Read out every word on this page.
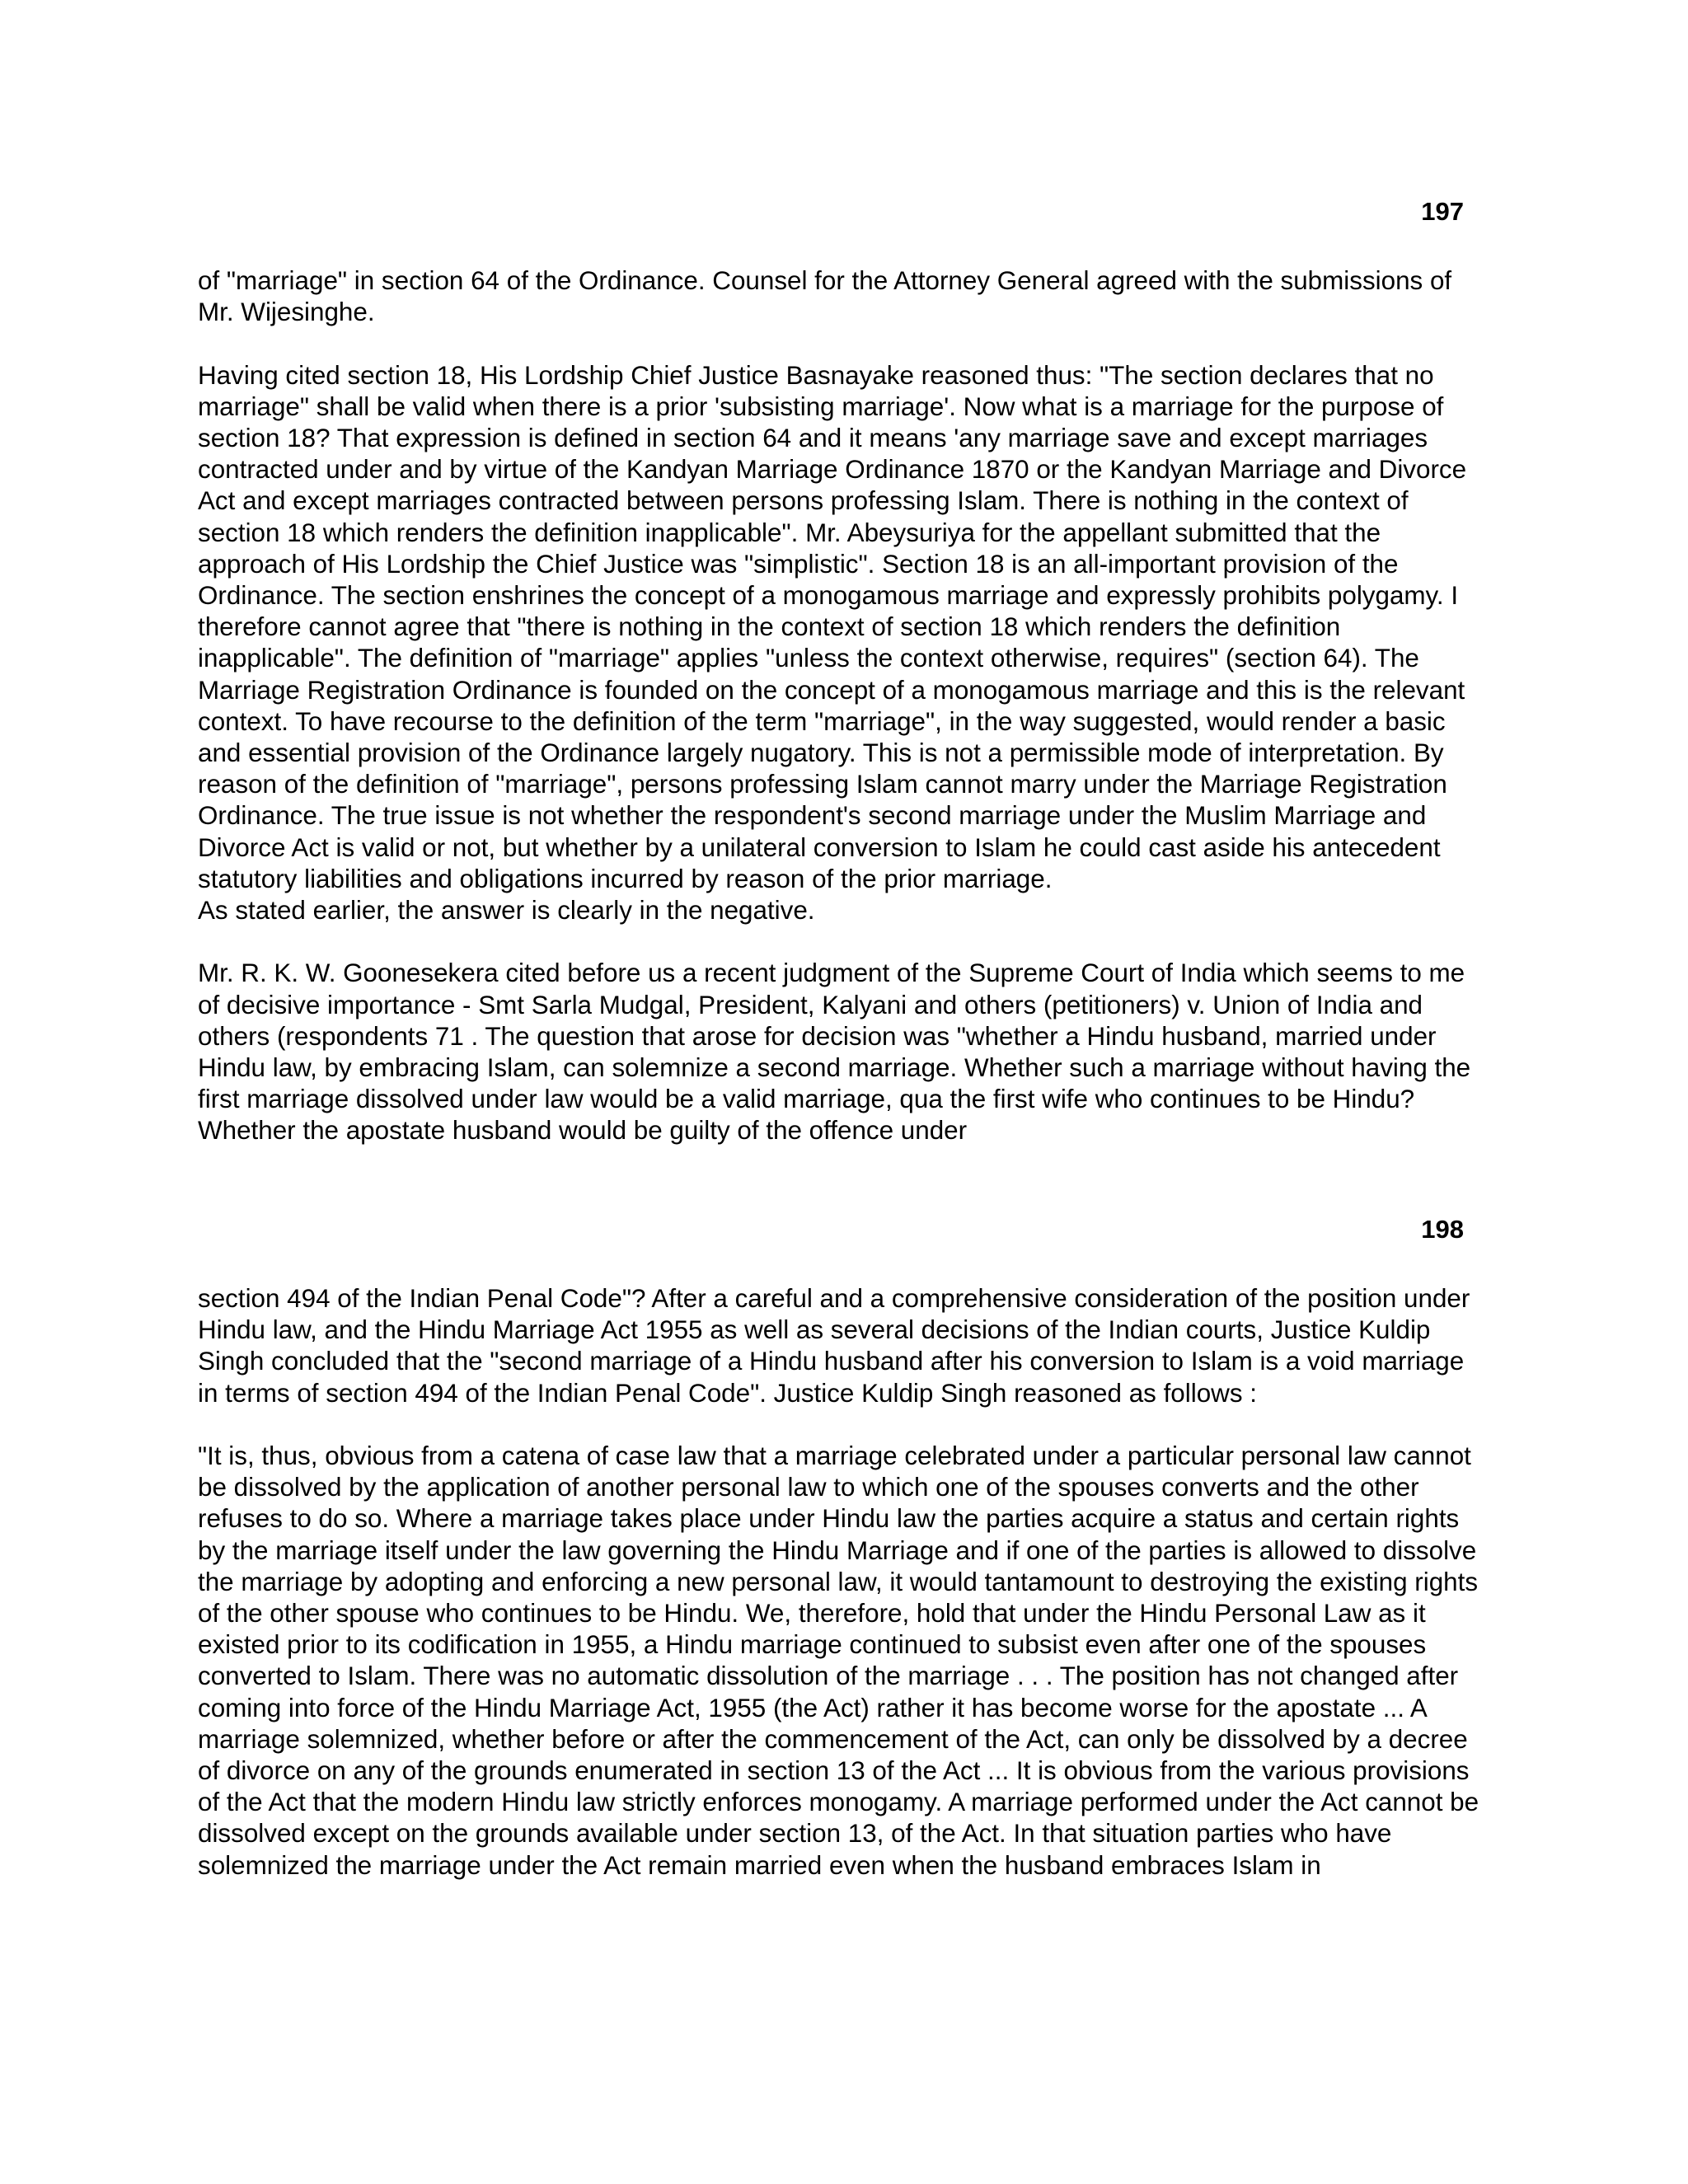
197

of "marriage" in section 64 of the Ordinance. Counsel for the Attorney General agreed with the submissions of Mr. Wijesinghe.

Having cited section 18, His Lordship Chief Justice Basnayake reasoned thus: "The section declares that no marriage" shall be valid when there is a prior 'subsisting marriage'. Now what is a marriage for the purpose of section 18? That expression is defined in section 64 and it means 'any marriage save and except marriages contracted under and by virtue of the Kandyan Marriage Ordinance 1870 or the Kandyan Marriage and Divorce Act and except marriages contracted between persons professing Islam. There is nothing in the context of section 18 which renders the definition inapplicable". Mr. Abeysuriya for the appellant submitted that the approach of His Lordship the Chief Justice was "simplistic". Section 18 is an all-important provision of the Ordinance. The section enshrines the concept of a monogamous marriage and expressly prohibits polygamy. I therefore cannot agree that "there is nothing in the context of section 18 which renders the definition inapplicable". The definition of "marriage" applies "unless the context otherwise, requires" (section 64). The Marriage Registration Ordinance is founded on the concept of a monogamous marriage and this is the relevant context. To have recourse to the definition of the term "marriage", in the way suggested, would render a basic and essential provision of the Ordinance largely nugatory. This is not a permissible mode of interpretation. By reason of the definition of "marriage", persons professing Islam cannot marry under the Marriage Registration Ordinance. The true issue is not whether the respondent's second marriage under the Muslim Marriage and Divorce Act is valid or not, but whether by a unilateral conversion to Islam he could cast aside his antecedent statutory liabilities and obligations incurred by reason of the prior marriage.

As stated earlier, the answer is clearly in the negative.

Mr. R. K. W. Goonesekera cited before us a recent judgment of the Supreme Court of India which seems to me of decisive importance - Smt Sarla Mudgal, President, Kalyani and others (petitioners) v. Union of India and others (respondents 71 . The question that arose for decision was "whether a Hindu husband, married under Hindu law, by embracing Islam, can solemnize a second marriage. Whether such a marriage without having the first marriage dissolved under law would be a valid marriage, qua the first wife who continues to be Hindu? Whether the apostate husband would be guilty of the offence under

198

section 494 of the Indian Penal Code"? After a careful and a comprehensive consideration of the position under Hindu law, and the Hindu Marriage Act 1955 as well as several decisions of the Indian courts, Justice Kuldip Singh concluded that the "second marriage of a Hindu husband after his conversion to Islam is a void marriage in terms of section 494 of the Indian Penal Code". Justice Kuldip Singh reasoned as follows :

"It is, thus, obvious from a catena of case law that a marriage celebrated under a particular personal law cannot be dissolved by the application of another personal law to which one of the spouses converts and the other refuses to do so. Where a marriage takes place under Hindu law the parties acquire a status and certain rights by the marriage itself under the law governing the Hindu Marriage and if one of the parties is allowed to dissolve the marriage by adopting and enforcing a new personal law, it would tantamount to destroying the existing rights of the other spouse who continues to be Hindu. We, therefore, hold that under the Hindu Personal Law as it existed prior to its codification in 1955, a Hindu marriage continued to subsist even after one of the spouses converted to Islam. There was no automatic dissolution of the marriage . . . The position has not changed after coming into force of the Hindu Marriage Act, 1955 (the Act) rather it has become worse for the apostate ... A marriage solemnized, whether before or after the commencement of the Act, can only be dissolved by a decree of divorce on any of the grounds enumerated in section 13 of the Act ... It is obvious from the various provisions of the Act that the modern Hindu law strictly enforces monogamy. A marriage performed under the Act cannot be dissolved except on the grounds available under section 13, of the Act. In that situation parties who have solemnized the marriage under the Act remain married even when the husband embraces Islam in
